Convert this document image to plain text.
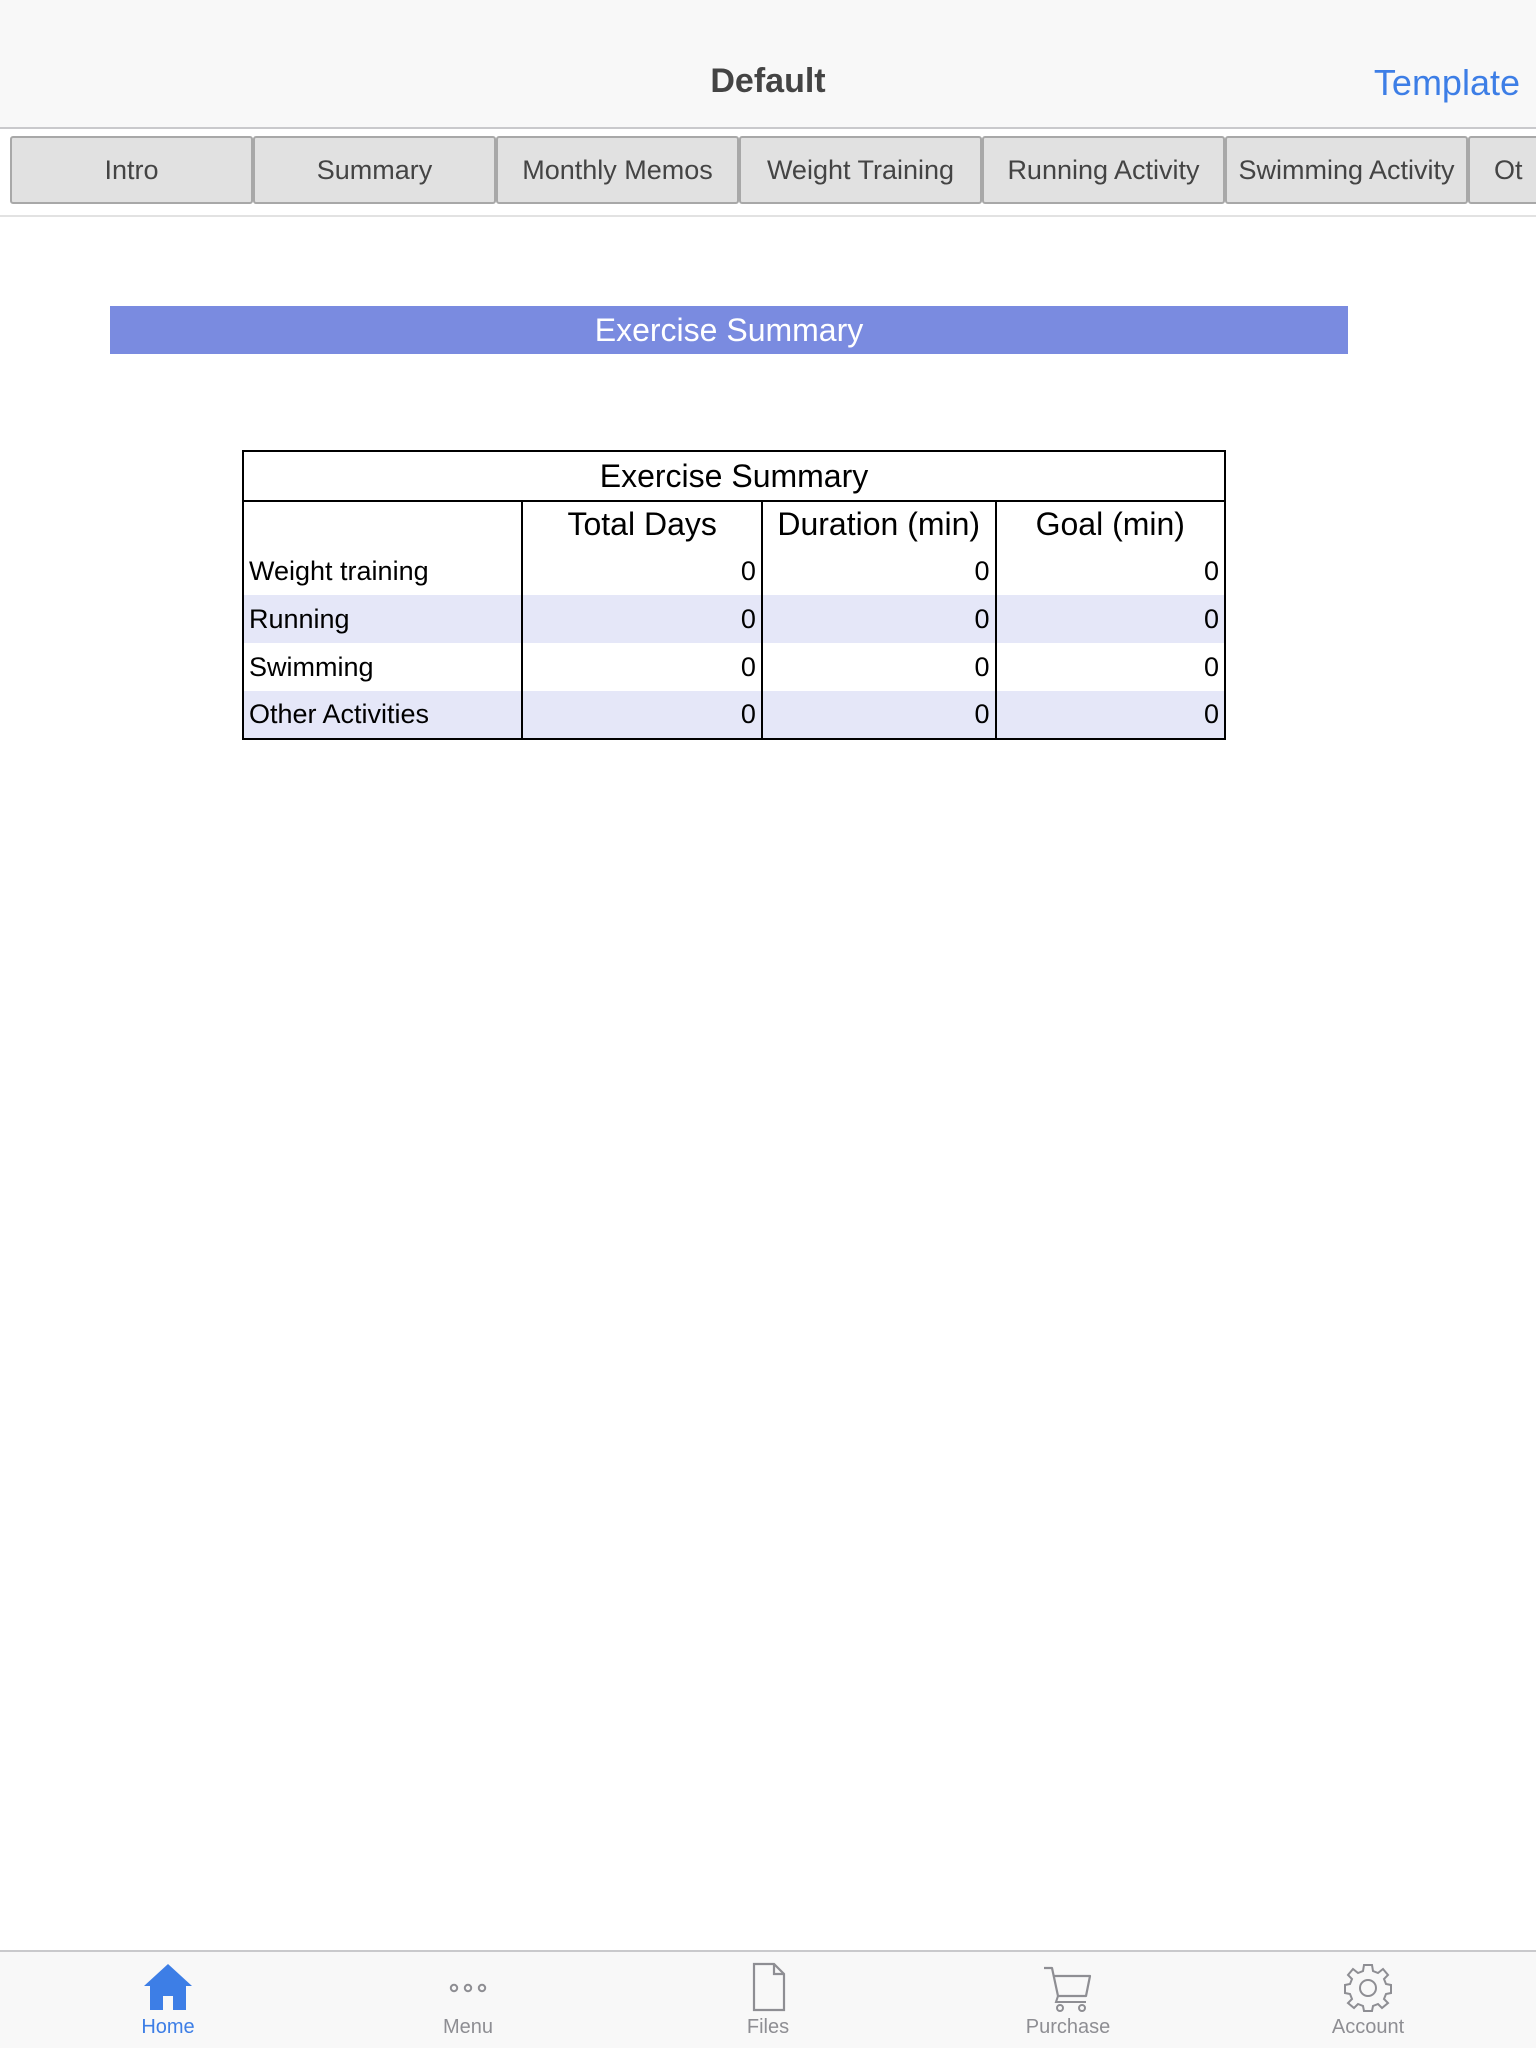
Default	Template
Intro	Summary	Monthly Memos Weight Training Running Activity Swimming Activity Ot
Exercise Summary
Exercise Summary			
	Total Days	Duration (min)	Goal (min)
Weight training	0	0	0
Running	0	0	0
Swimming	0	0	0
Other Activities	0	0	0
Home	Menu	Files	Purchase	Account
